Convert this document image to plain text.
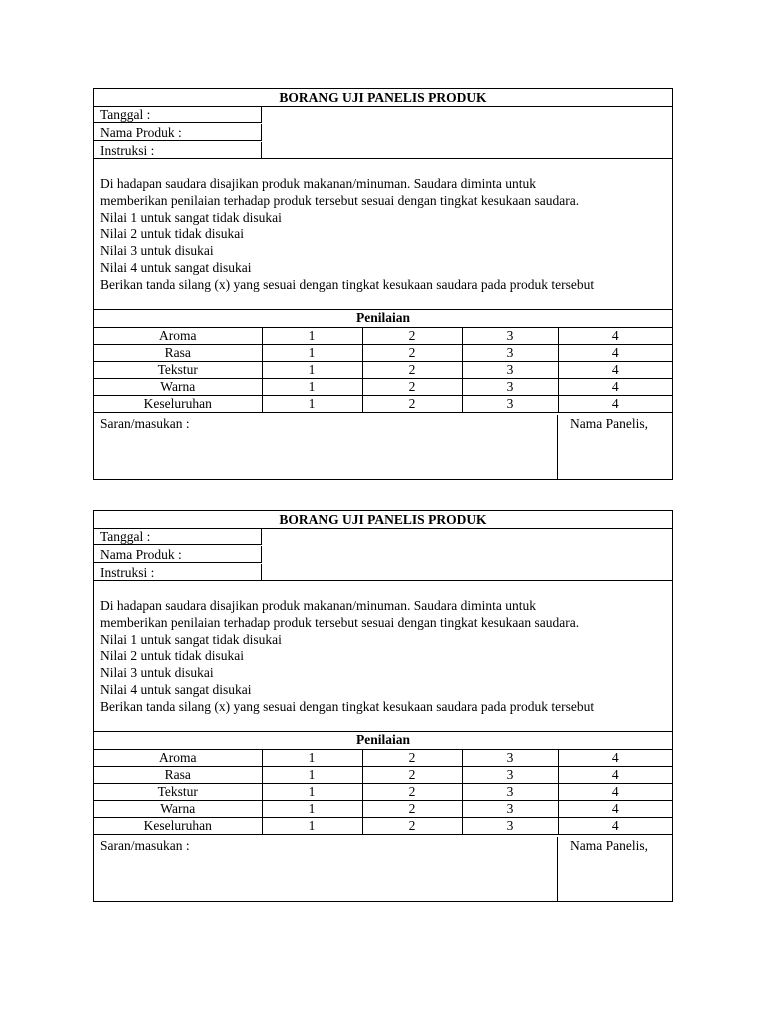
BORANG UJI PANELIS PRODUK
Tanggal :
Nama Produk :
Instruksi :
Di hadapan saudara disajikan produk makanan/minuman. Saudara diminta untuk
memberikan penilaian terhadap produk tersebut sesuai dengan tingkat kesukaan saudara.
Nilai 1 untuk sangat tidak disukai
Nilai 2 untuk tidak disukai
Nilai 3 untuk disukai
Nilai 4 untuk sangat disukai
Berikan tanda silang (x) yang sesuai dengan tingkat kesukaan saudara pada produk tersebut
Penilaian
Aroma	1	2	3	4
Rasa	1	2	3	4
Tekstur	1	2	3	4
Warna	1	2	3	4
Keseluruhan	1	2	3	4
Saran/masukan :	Nama Panelis,
BORANG UJI PANELIS PRODUK
Tanggal :
Nama Produk :
Instruksi :
Di hadapan saudara disajikan produk makanan/minuman. Saudara diminta untuk
memberikan penilaian terhadap produk tersebut sesuai dengan tingkat kesukaan saudara.
Nilai 1 untuk sangat tidak disukai
Nilai 2 untuk tidak disukai
Nilai 3 untuk disukai
Nilai 4 untuk sangat disukai
Berikan tanda silang (x) yang sesuai dengan tingkat kesukaan saudara pada produk tersebut
Penilaian
Aroma	1	2	3	4
Rasa	1	2	3	4
Tekstur	1	2	3	4
Warna	1	2	3	4
Keseluruhan	1	2	3	4
Saran/masukan :	Nama Panelis,
